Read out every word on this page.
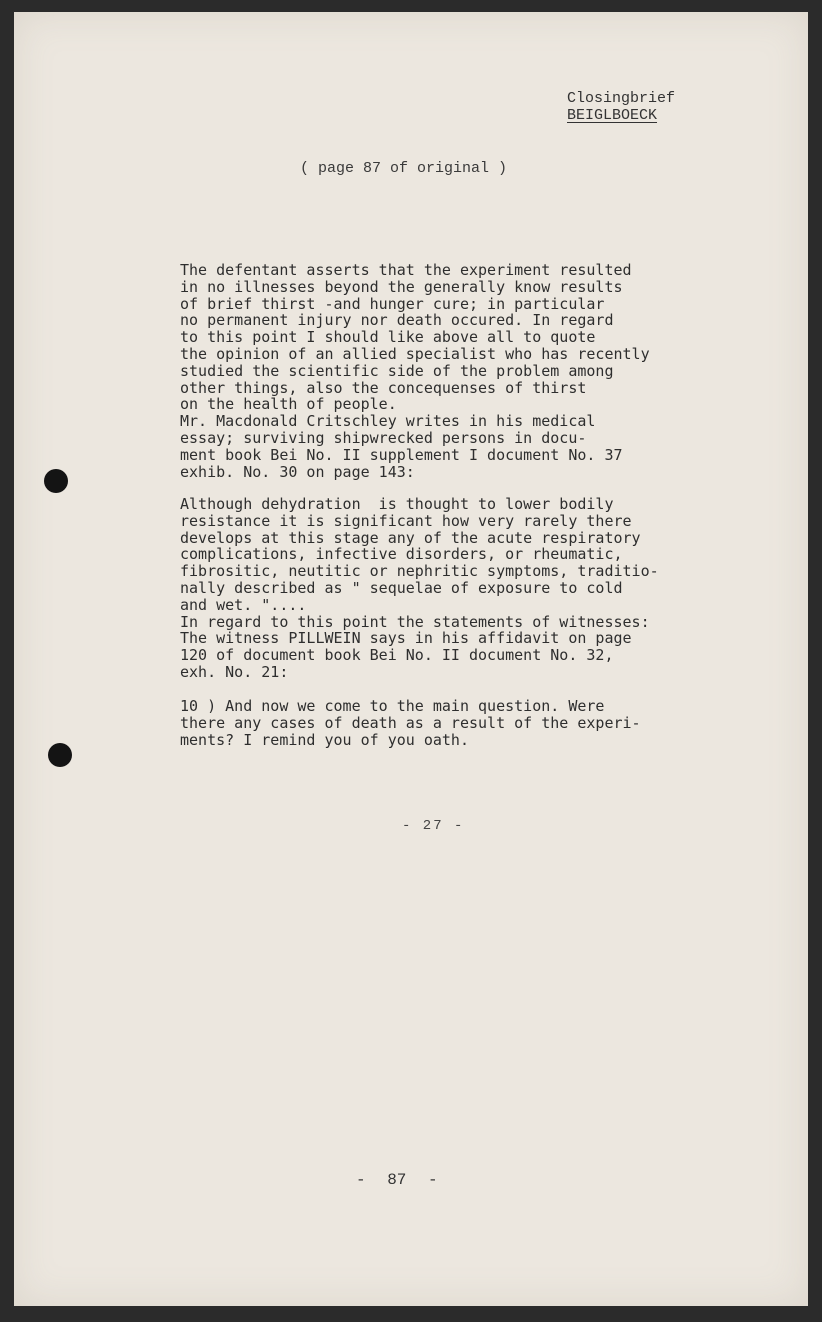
Closingbrief
BEIGLBOECK
( page 87 of original )
The defentant asserts that the experiment resulted
in no illnesses beyond the generally know results
of brief thirst -and hunger cure; in particular
no permanent injury nor death occured. In regard
to this point I should like above all to quote
the opinion of an allied specialist who has recently
studied the scientific side of the problem among
other things, also the concequenses of thirst
on the health of people.
Mr. Macdonald Critschley writes in his medical
essay; surviving shipwrecked persons in docu-
ment book Bei No. II supplement I document No. 37
exhib. No. 30 on page 143:
Although dehydration  is thought to lower bodily
resistance it is significant how very rarely there
develops at this stage any of the acute respiratory
complications, infective disorders, or rheumatic,
fibrositic, neutitic or nephritic symptoms, traditio-
nally described as " sequelae of exposure to cold
and wet. "....
In regard to this point the statements of witnesses:
The witness PILLWEIN says in his affidavit on page
120 of document book Bei No. II document No. 32,
exh. No. 21:
10 ) And now we come to the main question. Were
there any cases of death as a result of the experi-
ments? I remind you of you oath.
- 27 -
- 87 -
